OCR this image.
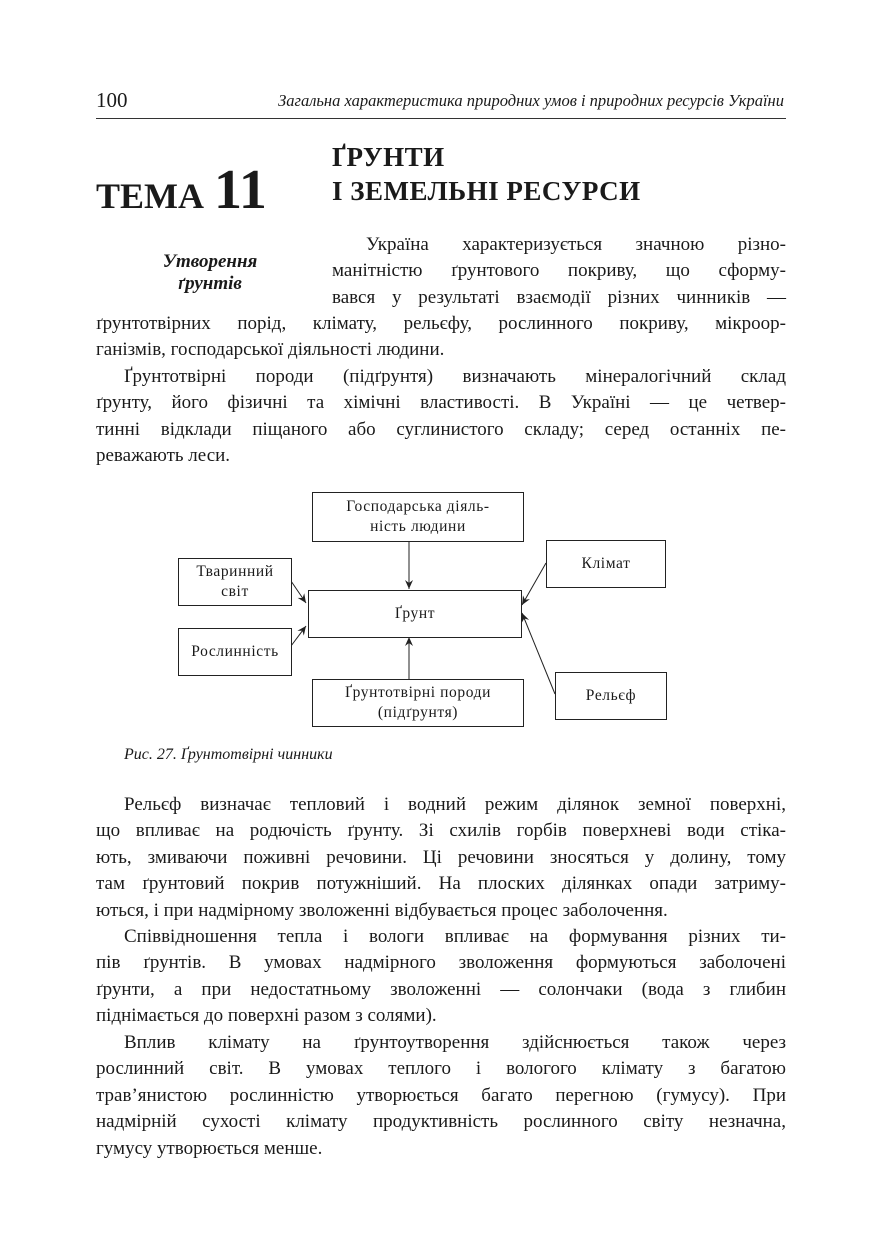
100	Загальна характеристика природних умов і природних ресурсів України
ТЕМА 11
ҐРУНТИ
І ЗЕМЕЛЬНІ РЕСУРСИ
Утворення
ґрунтів
Україна характеризується значною різно-
манітністю ґрунтового покриву, що сформу-
вався у результаті взаємодії різних чинників —
ґрунтотвірних порід, клімату, рельєфу, рослинного покриву, мікроор-
ганізмів, господарської діяльності людини.
Ґрунтотвірні породи (підґрунтя) визначають мінералогічний склад
ґрунту, його фізичні та хімічні властивості. В Україні — це четвер-
тинні відклади піщаного або суглинистого складу; серед останніх пе-
реважають леси.
Господарська діяль-
ність людини
Тваринний
світ
Рослинність
Ґрунт
Клімат
Ґрунтотвірні породи
(підґрунтя)
Рельєф
Рис. 27. Ґрунтотвірні чинники
Рельєф визначає тепловий і водний режим ділянок земної поверхні,
що впливає на родючість ґрунту. Зі схилів горбів поверхневі води стіка-
ють, змиваючи поживні речовини. Ці речовини зносяться у долину, тому
там ґрунтовий покрив потужніший. На плоских ділянках опади затриму-
ються, і при надмірному зволоженні відбувається процес заболочення.
Співвідношення тепла і вологи впливає на формування різних ти-
пів ґрунтів. В умовах надмірного зволоження формуються заболочені
ґрунти, а при недостатньому зволоженні — солончаки (вода з глибин
піднімається до поверхні разом з солями).
Вплив клімату на ґрунтоутворення здійснюється також через
рослинний світ. В умовах теплого і вологого клімату з багатою
трав’янистою рослинністю утворюється багато перегною (гумусу). При
надмірній сухості клімату продуктивність рослинного світу незначна,
гумусу утворюється менше.
